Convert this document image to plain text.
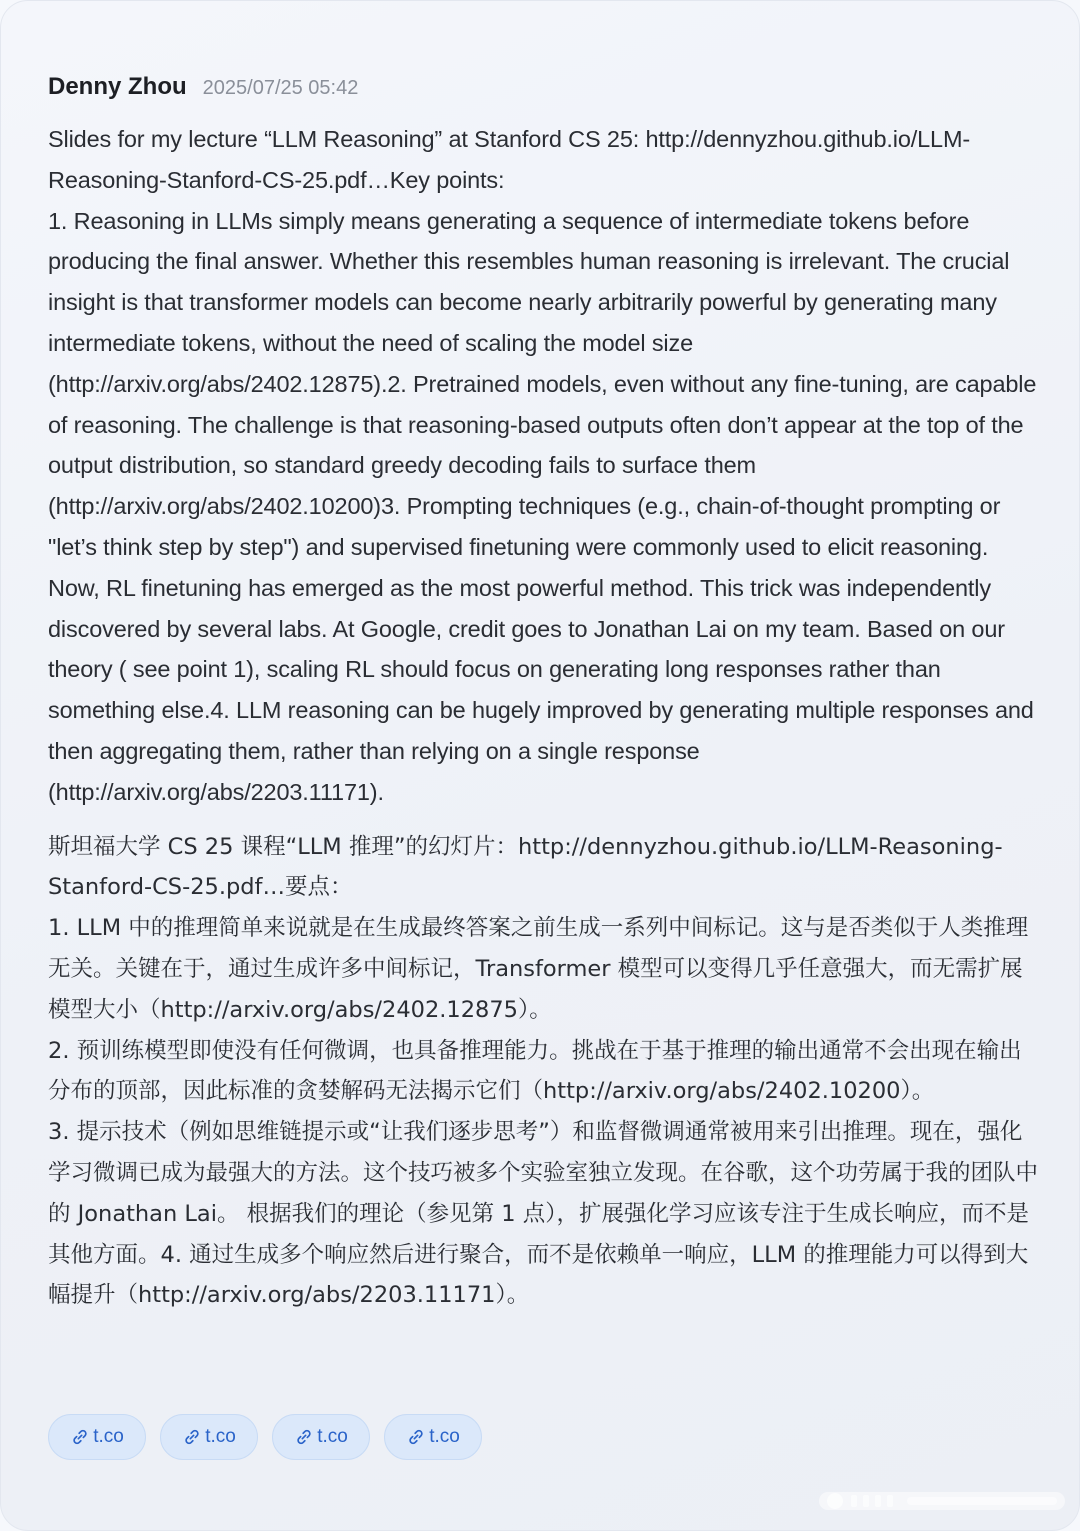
Denny Zhou 2025/07/25 05:42

Slides for my lecture “LLM Reasoning” at Stanford CS 25: http://dennyzhou.github.io/LLM-Reasoning-Stanford-CS-25.pdf…Key points:
1. Reasoning in LLMs simply means generating a sequence of intermediate tokens before producing the final answer. Whether this resembles human reasoning is irrelevant. The crucial insight is that transformer models can become nearly arbitrarily powerful by generating many intermediate tokens, without the need of scaling the model size (http://arxiv.org/abs/2402.12875).2. Pretrained models, even without any fine-tuning, are capable of reasoning. The challenge is that reasoning-based outputs often don’t appear at the top of the output distribution, so standard greedy decoding fails to surface them (http://arxiv.org/abs/2402.10200)3. Prompting techniques (e.g., chain-of-thought prompting or "let’s think step by step") and supervised finetuning were commonly used to elicit reasoning. Now, RL finetuning has emerged as the most powerful method. This trick was independently discovered by several labs. At Google, credit goes to Jonathan Lai on my team. Based on our theory ( see point 1), scaling RL should focus on generating long responses rather than something else.4. LLM reasoning can be hugely improved by generating multiple responses and then aggregating them, rather than relying on a single response (http://arxiv.org/abs/2203.11171).

斯坦福大学 CS 25 课程“LLM 推理”的幻灯片：http://dennyzhou.github.io/LLM-Reasoning-Stanford-CS-25.pdf…要点：
1. LLM 中的推理简单来说就是在生成最终答案之前生成一系列中间标记。这与是否类似于人类推理无关。关键在于，通过生成许多中间标记，Transformer 模型可以变得几乎任意强大，而无需扩展模型大小（http://arxiv.org/abs/2402.12875）。
2. 预训练模型即使没有任何微调，也具备推理能力。挑战在于基于推理的输出通常不会出现在输出分布的顶部，因此标准的贪婪解码无法揭示它们（http://arxiv.org/abs/2402.10200）。
3. 提示技术（例如思维链提示或“让我们逐步思考”）和监督微调通常被用来引出推理。现在，强化学习微调已成为最强大的方法。这个技巧被多个实验室独立发现。在谷歌，这个功劳属于我的团队中的 Jonathan Lai。 根据我们的理论（参见第 1 点），扩展强化学习应该专注于生成长响应，而不是其他方面。4. 通过生成多个响应然后进行聚合，而不是依赖单一响应，LLM 的推理能力可以得到大幅提升（http://arxiv.org/abs/2203.11171）。

t.co	t.co	t.co	t.co
